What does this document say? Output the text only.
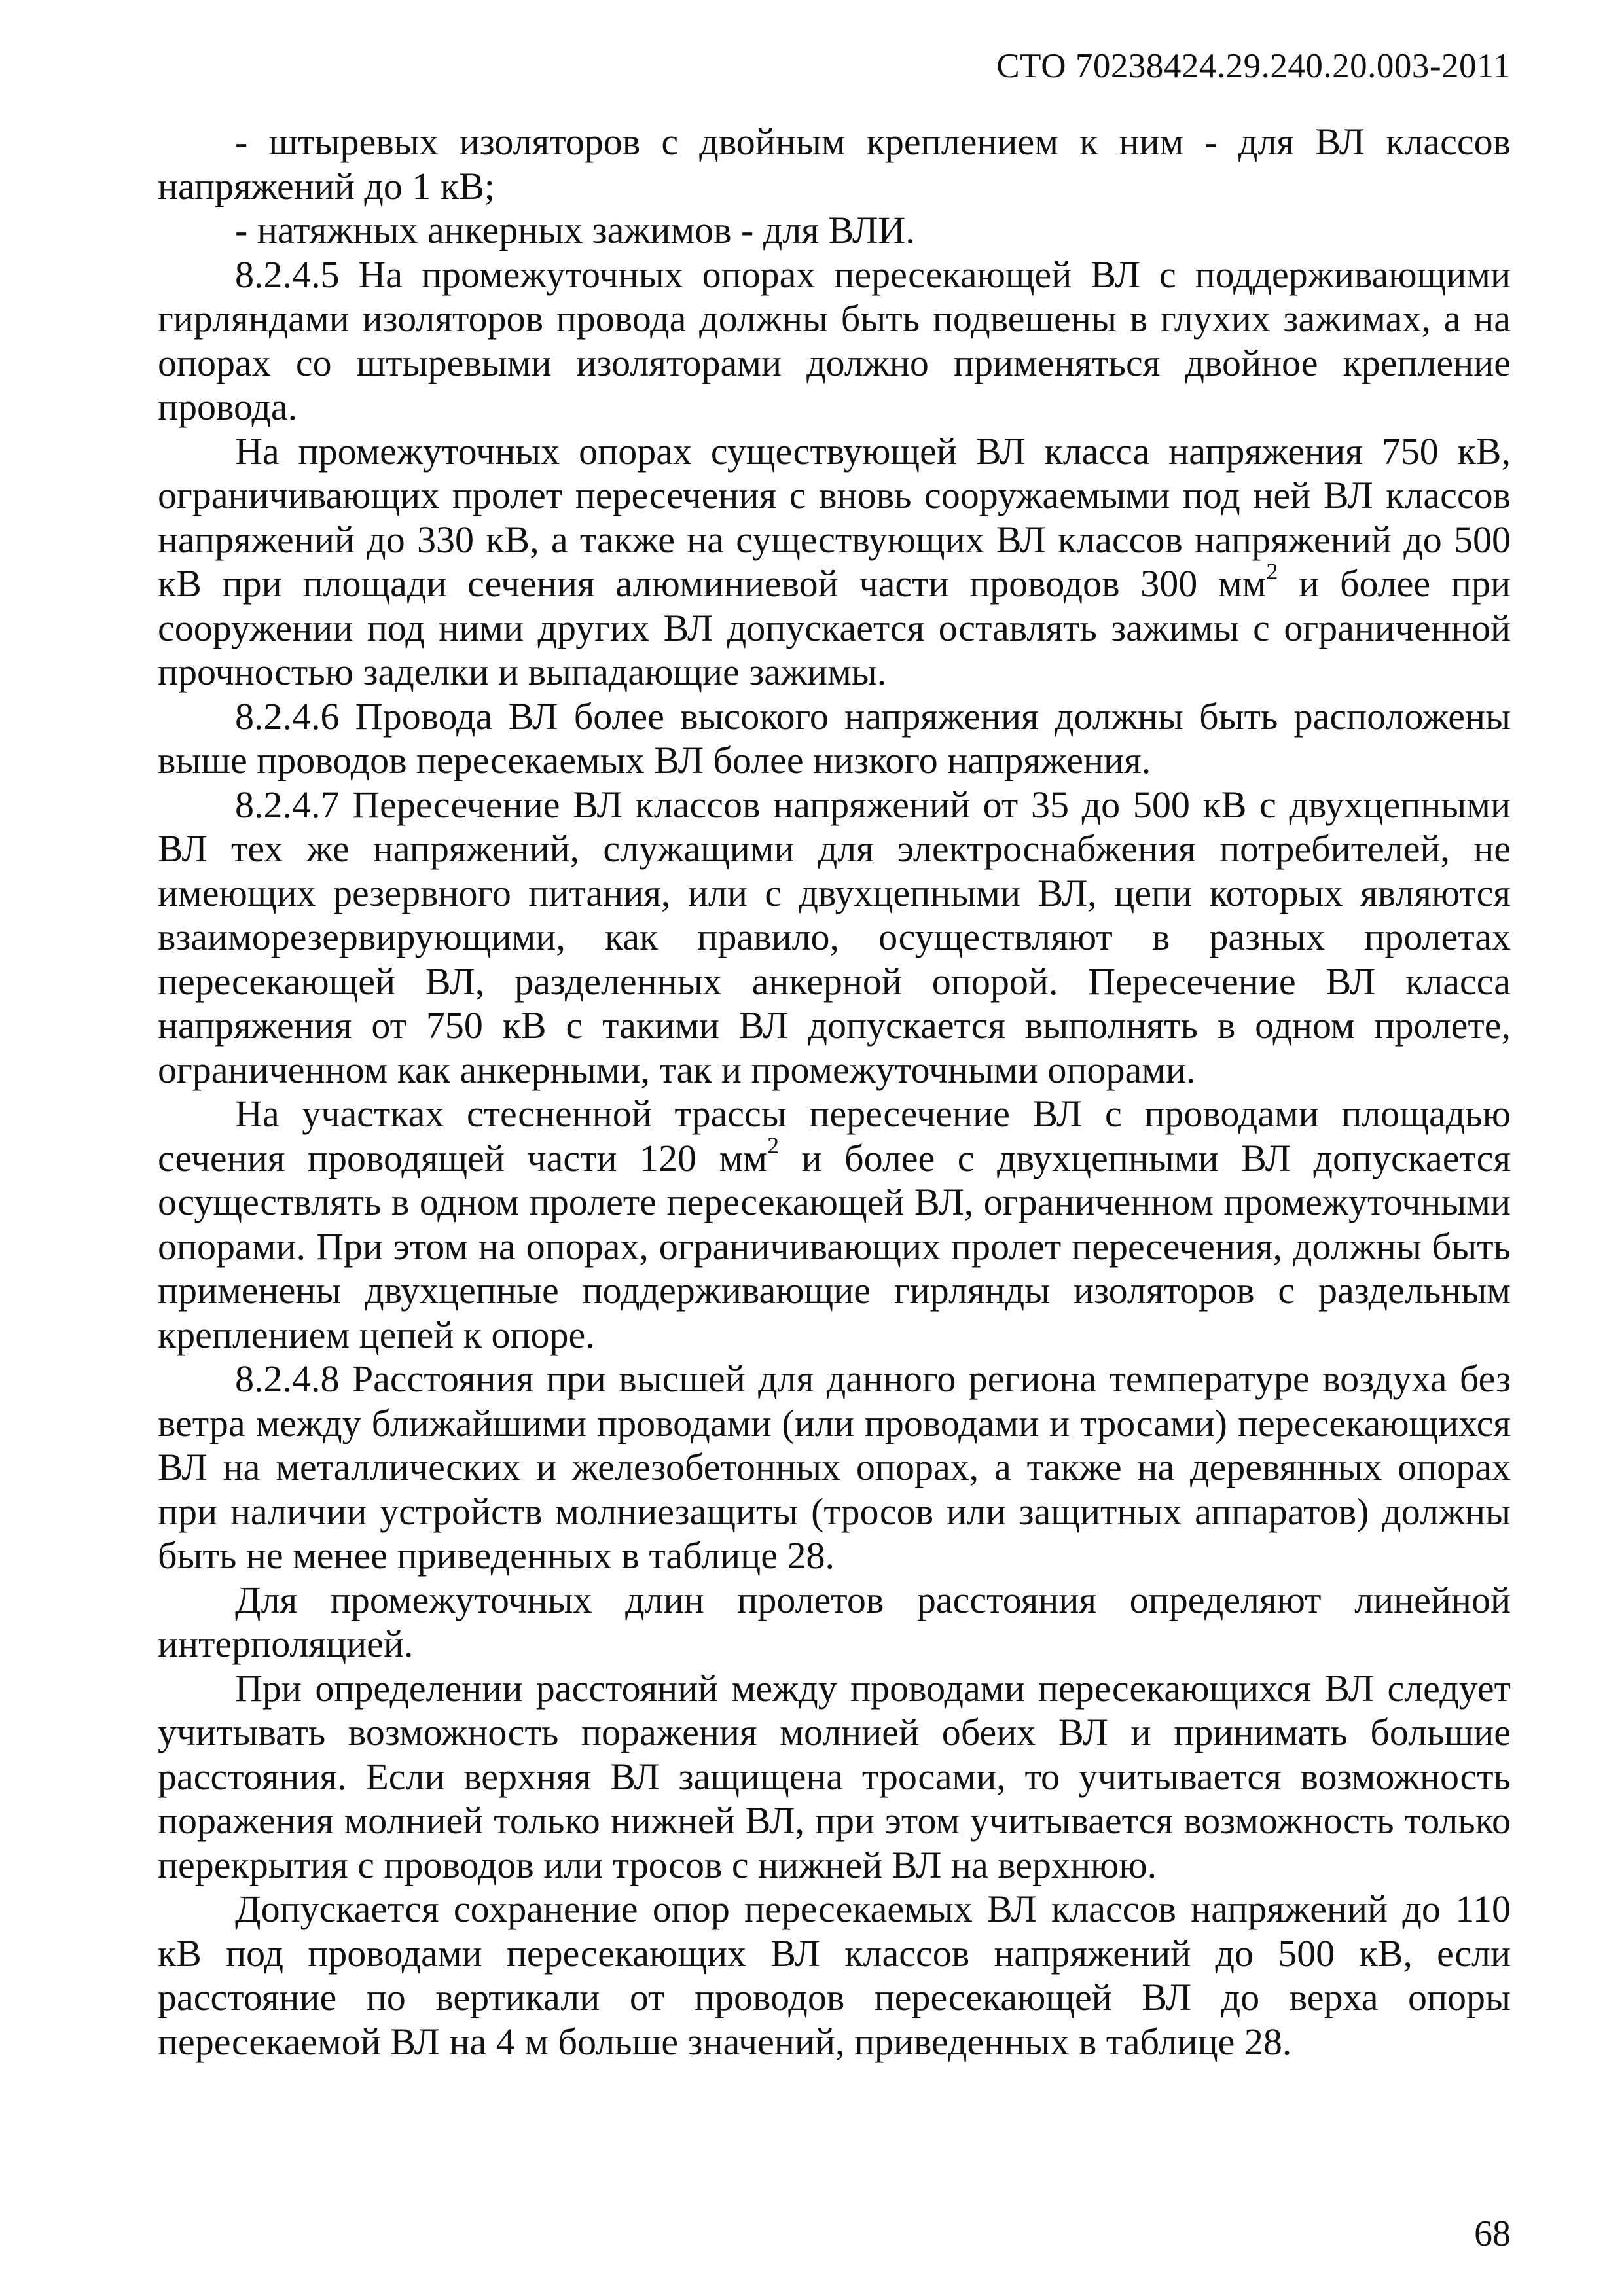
СТО 70238424.29.240.20.003-2011

- штыревых изоляторов с двойным креплением к ним - для ВЛ классов напряжений до 1 кВ;

- натяжных анкерных зажимов - для ВЛИ.

8.2.4.5 На промежуточных опорах пересекающей ВЛ с поддерживающими гирляндами изоляторов провода должны быть подвешены в глухих зажимах, а на опорах со штыревыми изоляторами должно применяться двойное крепление провода.

На промежуточных опорах существующей ВЛ класса напряжения 750 кВ, ограничивающих пролет пересечения с вновь сооружаемыми под ней ВЛ классов напряжений до 330 кВ, а также на существующих ВЛ классов напряжений до 500 кВ при площади сечения алюминиевой части проводов 300 $мм^2$ и более при сооружении под ними других ВЛ допускается оставлять зажимы с ограниченной прочностью заделки и выпадающие зажимы.

8.2.4.6 Провода ВЛ более высокого напряжения должны быть расположены выше проводов пересекаемых ВЛ более низкого напряжения.

8.2.4.7 Пересечение ВЛ классов напряжений от 35 до 500 кВ с двухцепными ВЛ тех же напряжений, служащими для электроснабжения потребителей, не имеющих резервного питания, или с двухцепными ВЛ, цепи которых являются взаиморезервирующими, как правило, осуществляют в разных пролетах пересекающей ВЛ, разделенных анкерной опорой. Пересечение ВЛ класса напряжения от 750 кВ с такими ВЛ допускается выполнять в одном пролете, ограниченном как анкерными, так и промежуточными опорами.

На участках стесненной трассы пересечение ВЛ с проводами площадью сечения проводящей части 120 $мм^2$ и более с двухцепными ВЛ допускается осуществлять в одном пролете пересекающей ВЛ, ограниченном промежуточными опорами. При этом на опорах, ограничивающих пролет пересечения, должны быть применены двухцепные поддерживающие гирлянды изоляторов с раздельным креплением цепей к опоре.

8.2.4.8 Расстояния при высшей для данного региона температуре воздуха без ветра между ближайшими проводами (или проводами и тросами) пересекающихся ВЛ на металлических и железобетонных опорах, а также на деревянных опорах при наличии устройств молниезащиты (тросов или защитных аппаратов) должны быть не менее приведенных в таблице 28.

Для промежуточных длин пролетов расстояния определяют линейной интерполяцией.

При определении расстояний между проводами пересекающихся ВЛ следует учитывать возможность поражения молнией обеих ВЛ и принимать большие расстояния. Если верхняя ВЛ защищена тросами, то учитывается возможность поражения молнией только нижней ВЛ, при этом учитывается возможность только перекрытия с проводов или тросов с нижней ВЛ на верхнюю.

Допускается сохранение опор пересекаемых ВЛ классов напряжений до 110 кВ под проводами пересекающих ВЛ классов напряжений до 500 кВ, если расстояние по вертикали от проводов пересекающей ВЛ до верха опоры пересекаемой ВЛ на 4 м больше значений, приведенных в таблице 28.

68
